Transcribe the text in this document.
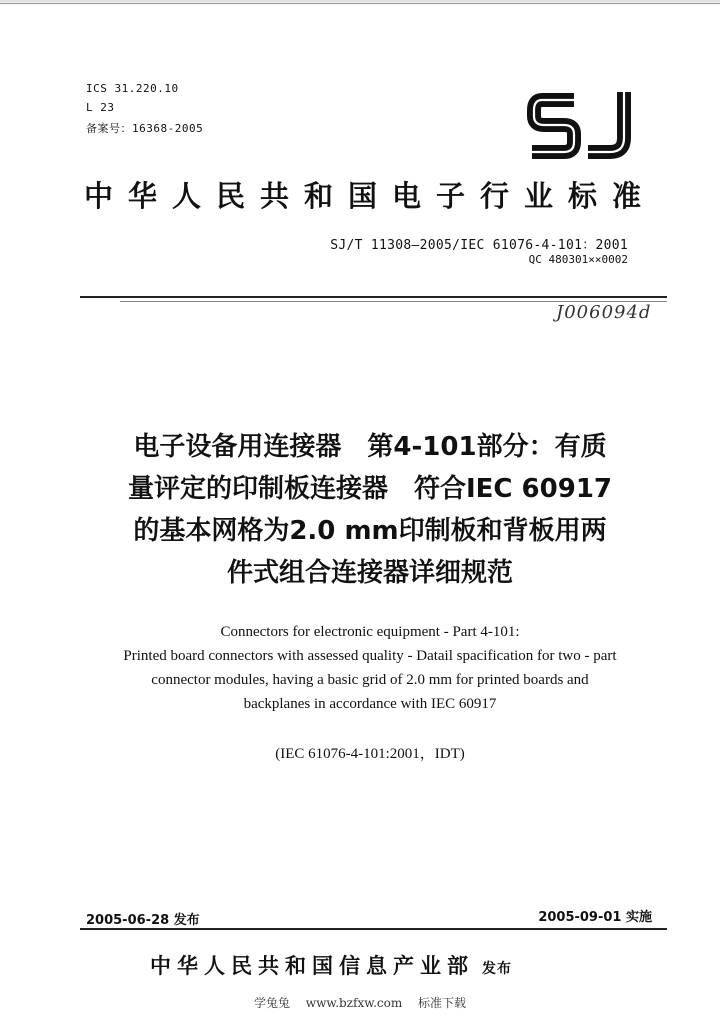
ICS 31.220.10
L 23
备案号：16368-2005
中华人民共和国电子行业标准
SJ/T 11308—2005/IEC 61076-4-101：2001
QC 480301××0002
J006094d
电子设备用连接器　第4-101部分：有质
量评定的印制板连接器　符合IEC 60917
的基本网格为2.0 mm印制板和背板用两
件式组合连接器详细规范
Connectors for electronic equipment - Part 4-101:
Printed board connectors with assessed quality - Datail spacification for two - part
connector modules, having a basic grid of 2.0 mm for printed boards and
backplanes in accordance with IEC 60917
(IEC 61076-4-101:2001，IDT)
2005-06-28 发布	2005-09-01 实施
中华人民共和国信息产业部 发布
学兔兔 www.bzfxw.com 标准下载
